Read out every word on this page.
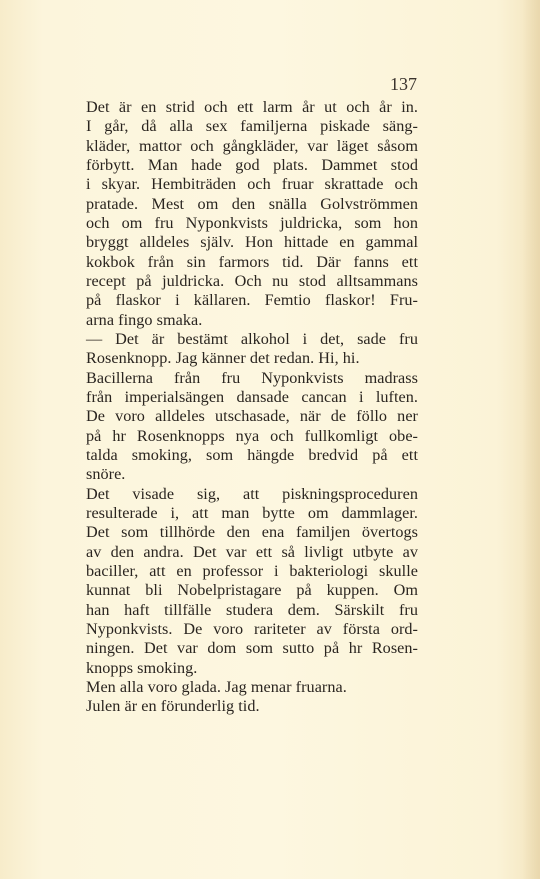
137
Det är en strid och ett larm år ut och år in.
I går, då alla sex familjerna piskade säng-
kläder, mattor och gångkläder, var läget såsom
förbytt. Man hade god plats. Dammet stod
i skyar. Hembiträden och fruar skrattade och
pratade. Mest om den snälla Golvströmmen
och om fru Nyponkvists juldricka, som hon
bryggt alldeles själv. Hon hittade en gammal
kokbok från sin farmors tid. Där fanns ett
recept på juldricka. Och nu stod alltsammans
på flaskor i källaren. Femtio flaskor! Fru-
arna fingo smaka.
— Det är bestämt alkohol i det, sade fru
Rosenknopp. Jag känner det redan. Hi, hi.
Bacillerna från fru Nyponkvists madrass
från imperialsängen dansade cancan i luften.
De voro alldeles utschasade, när de föllo ner
på hr Rosenknopps nya och fullkomligt obe-
talda smoking, som hängde bredvid på ett
snöre.
Det visade sig, att piskningsproceduren
resulterade i, att man bytte om dammlager.
Det som tillhörde den ena familjen övertogs
av den andra. Det var ett så livligt utbyte av
baciller, att en professor i bakteriologi skulle
kunnat bli Nobelpristagare på kuppen. Om
han haft tillfälle studera dem. Särskilt fru
Nyponkvists. De voro rariteter av första ord-
ningen. Det var dom som sutto på hr Rosen-
knopps smoking.
Men alla voro glada. Jag menar fruarna.
Julen är en förunderlig tid.
